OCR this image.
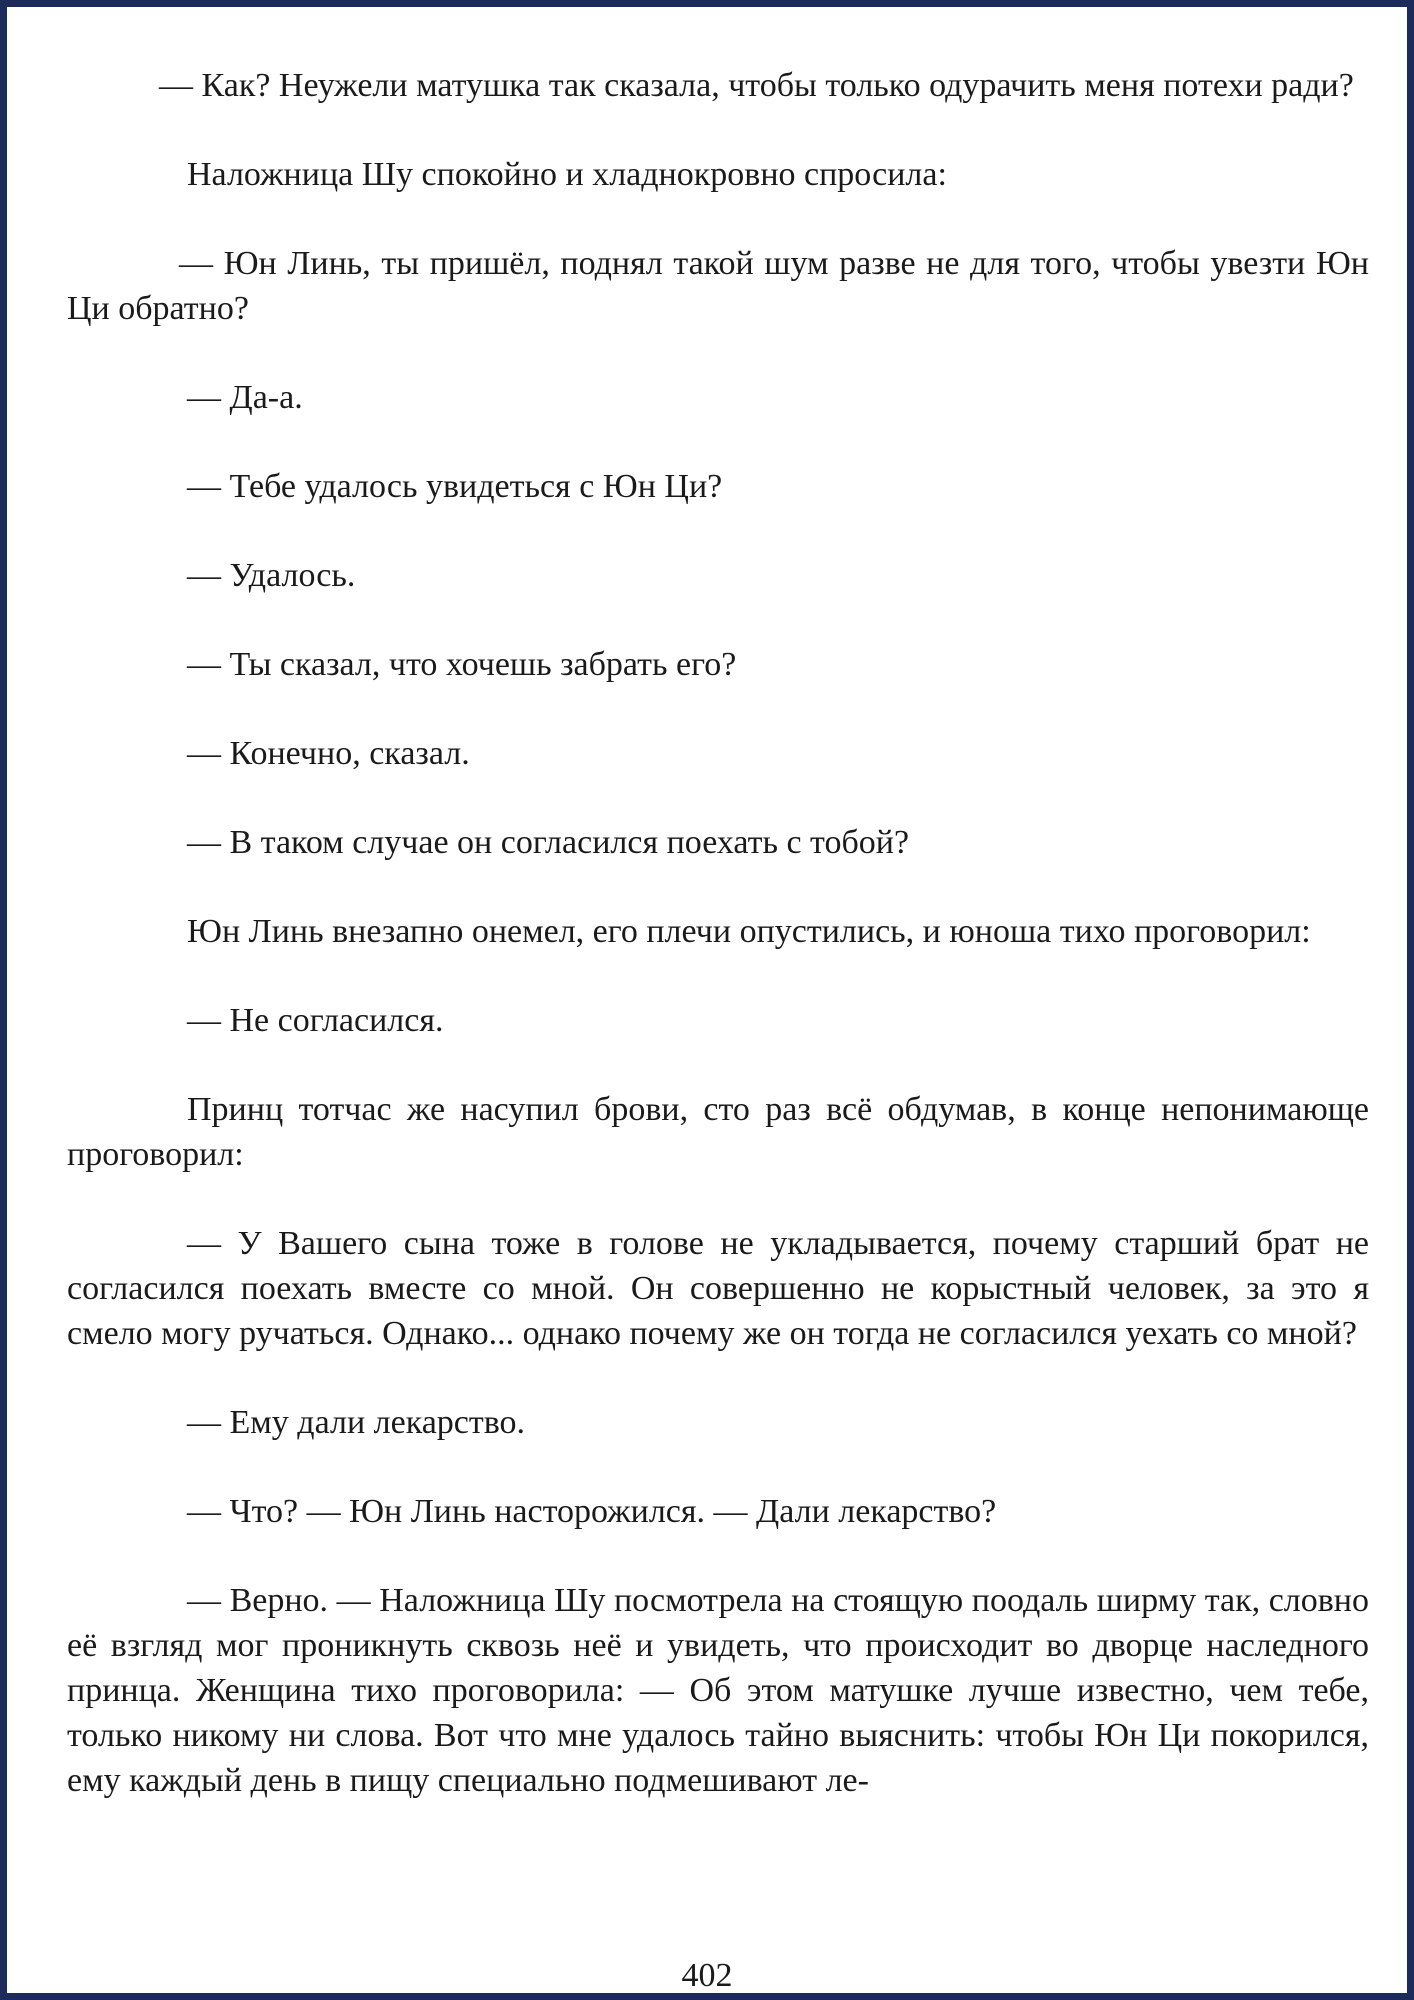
— Как? Неужели матушка так сказала, чтобы только одурачить меня потехи ради?

Наложница Шу спокойно и хладнокровно спросила:

— Юн Линь, ты пришёл, поднял такой шум разве не для того, чтобы увезти Юн Ци обратно?

— Да-а.

— Тебе удалось увидеться с Юн Ци?

— Удалось.

— Ты сказал, что хочешь забрать его?

— Конечно, сказал.

— В таком случае он согласился поехать с тобой?

Юн Линь внезапно онемел, его плечи опустились, и юноша тихо проговорил:

— Не согласился.

Принц тотчас же насупил брови, сто раз всё обдумав, в конце непонимающе проговорил:

— У Вашего сына тоже в голове не укладывается, почему старший брат не согласился поехать вместе со мной. Он совершенно не корыстный человек, за это я смело могу ручаться. Однако... однако почему же он тогда не согласился уехать со мной?

— Ему дали лекарство.

— Что? — Юн Линь насторожился. — Дали лекарство?

— Верно. — Наложница Шу посмотрела на стоящую поодаль ширму так, словно её взгляд мог проникнуть сквозь неё и увидеть, что происходит во дворце наследного принца. Женщина тихо проговорила: — Об этом матушке лучше известно, чем тебе, только никому ни слова. Вот что мне удалось тайно выяснить: чтобы Юн Ци покорился, ему каждый день в пищу специально подмешивают ле-

402
